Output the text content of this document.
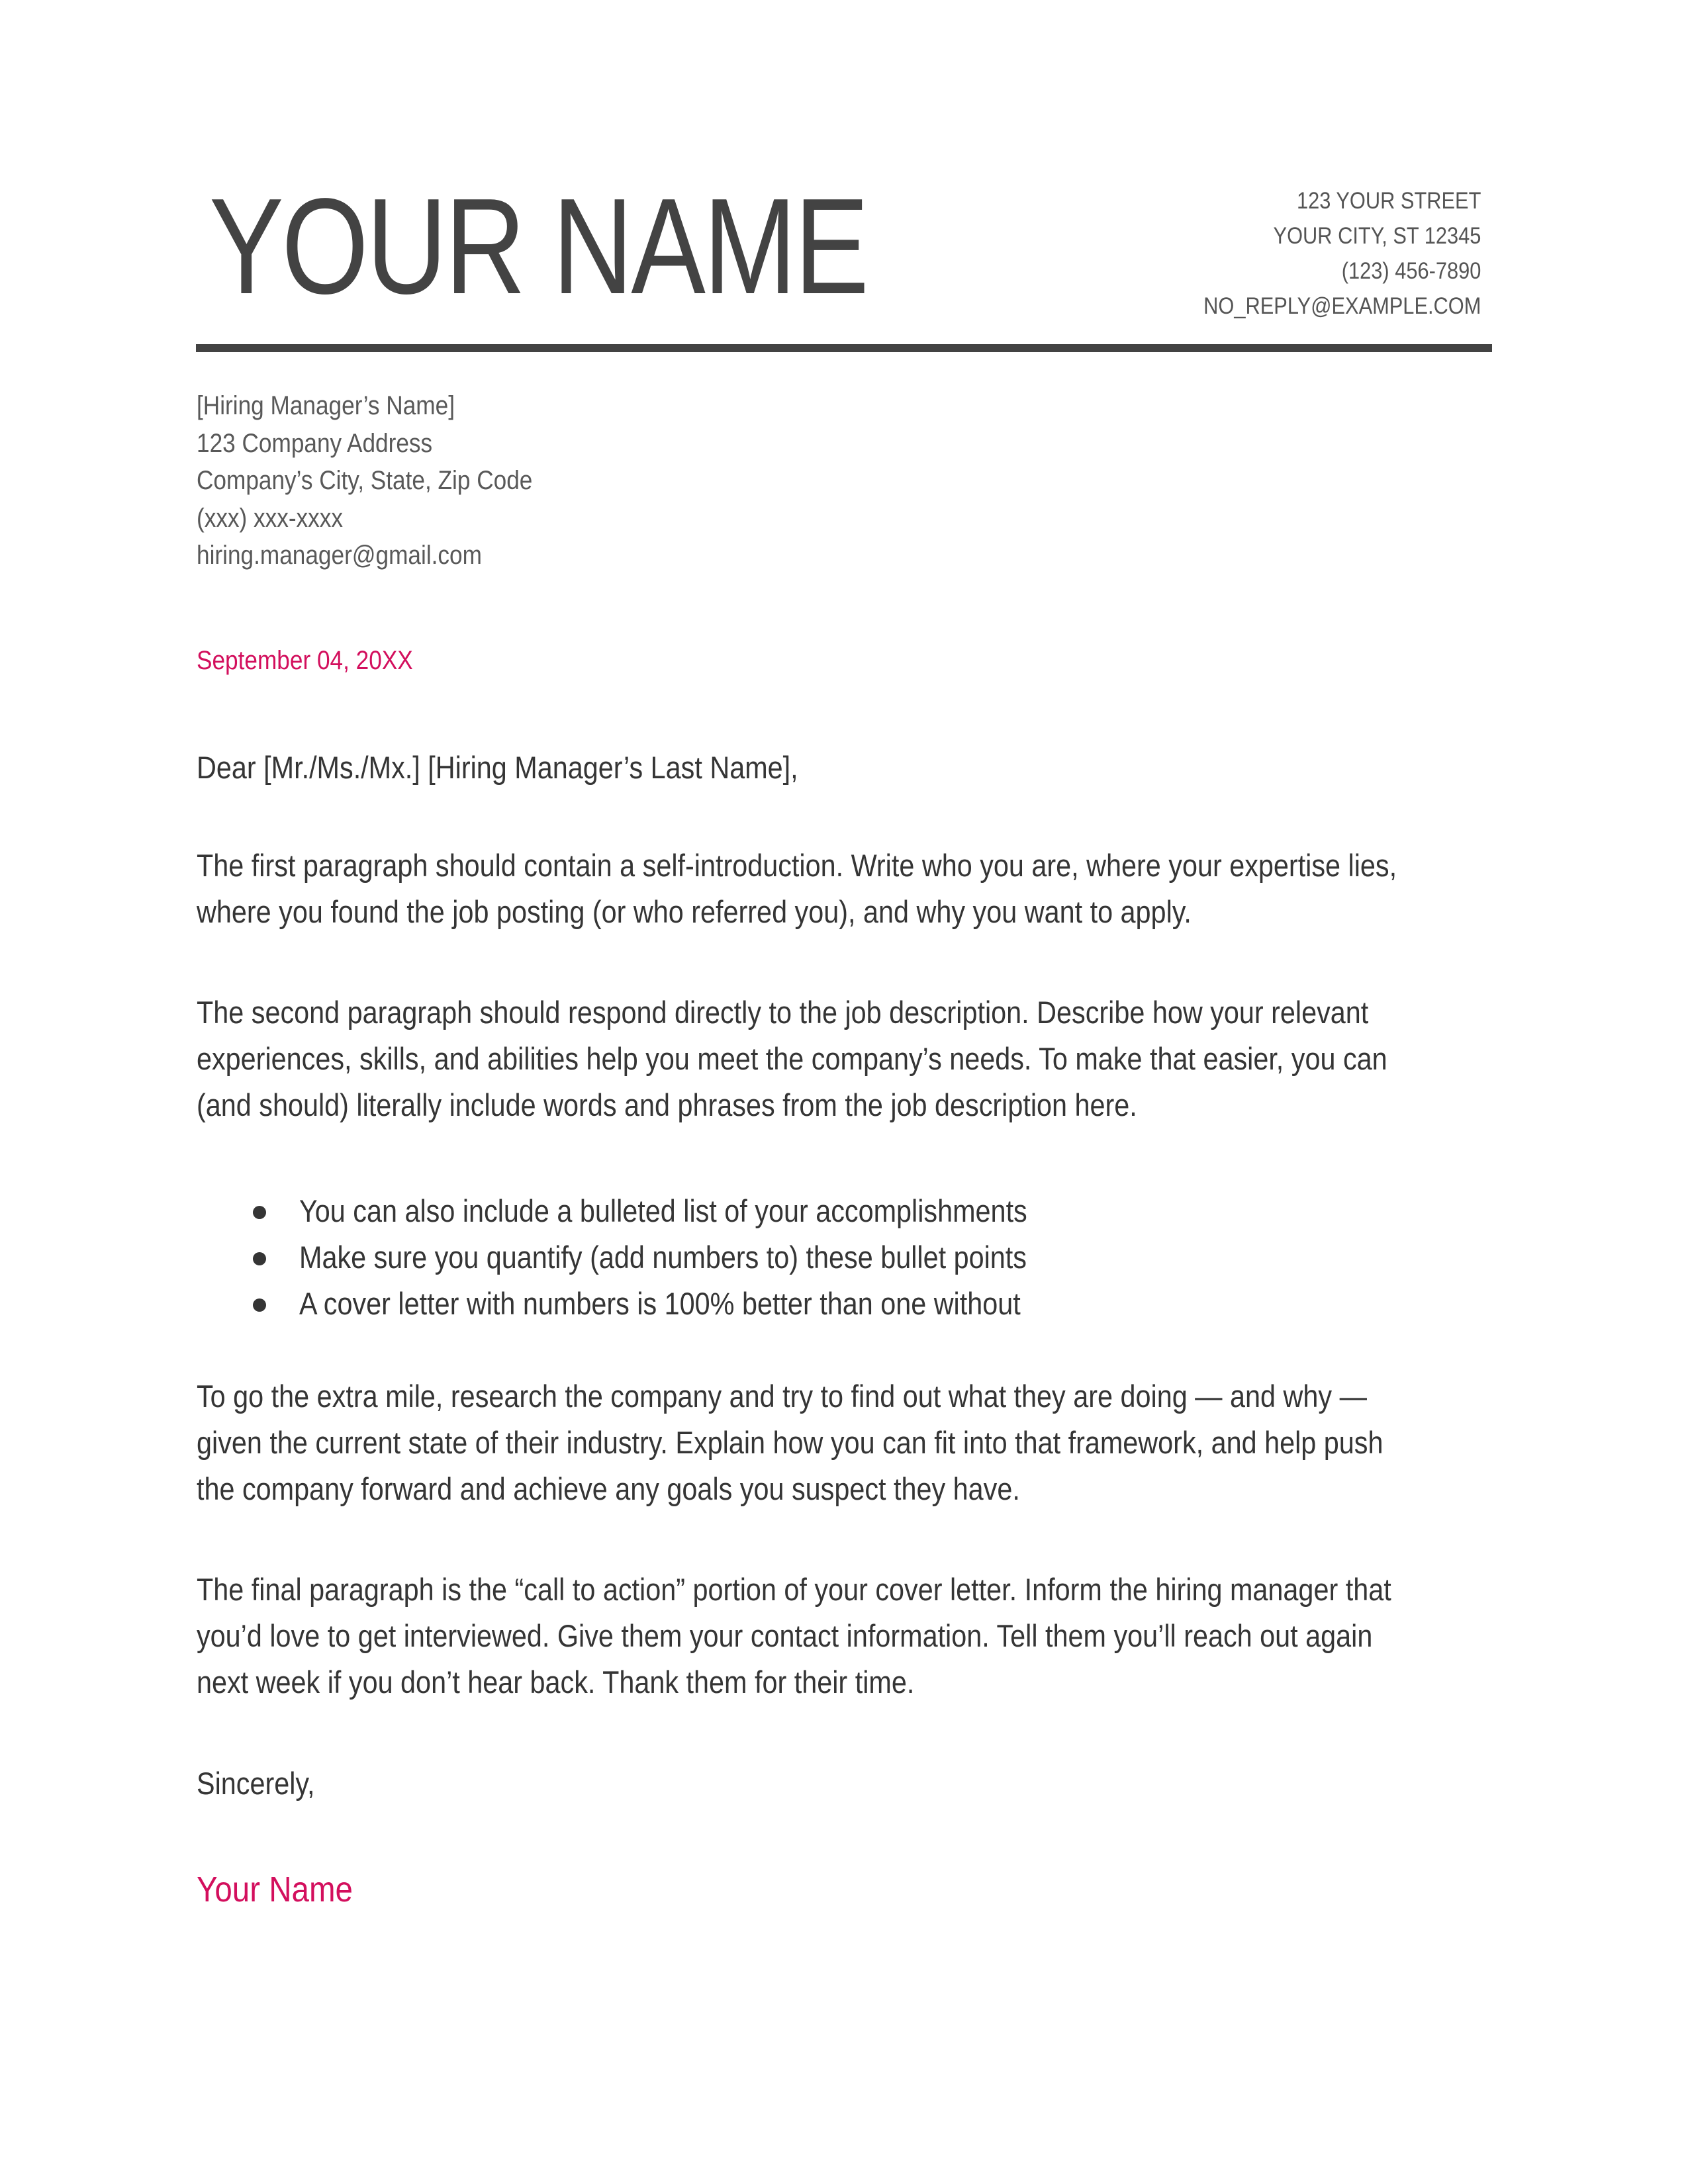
YOUR NAME	123 YOUR STREET
YOUR CITY, ST 12345
(123) 456-7890
NO_REPLY@EXAMPLE.COM
[Hiring Manager’s Name]
123 Company Address
Company’s City, State, Zip Code
(xxx) xxx-xxxx
hiring.manager@gmail.com
September 04, 20XX
Dear [Mr./Ms./Mx.] [Hiring Manager’s Last Name],

The first paragraph should contain a self-introduction. Write who you are, where your expertise lies,

where you found the job posting (or who referred you), and why you want to apply.

The second paragraph should respond directly to the job description. Describe how your relevant

experiences, skills, and abilities help you meet the company’s needs. To make that easier, you can

(and should) literally include words and phrases from the job description here.

You can also include a bulleted list of your accomplishments
Make sure you quantify (add numbers to) these bullet points
A cover letter with numbers is 100% better than one without

To go the extra mile, research the company and try to find out what they are doing — and why —

given the current state of their industry. Explain how you can fit into that framework, and help push

the company forward and achieve any goals you suspect they have.

The final paragraph is the “call to action” portion of your cover letter. Inform the hiring manager that

you’d love to get interviewed. Give them your contact information. Tell them you’ll reach out again

next week if you don’t hear back. Thank them for their time.

Sincerely,
Your Name
